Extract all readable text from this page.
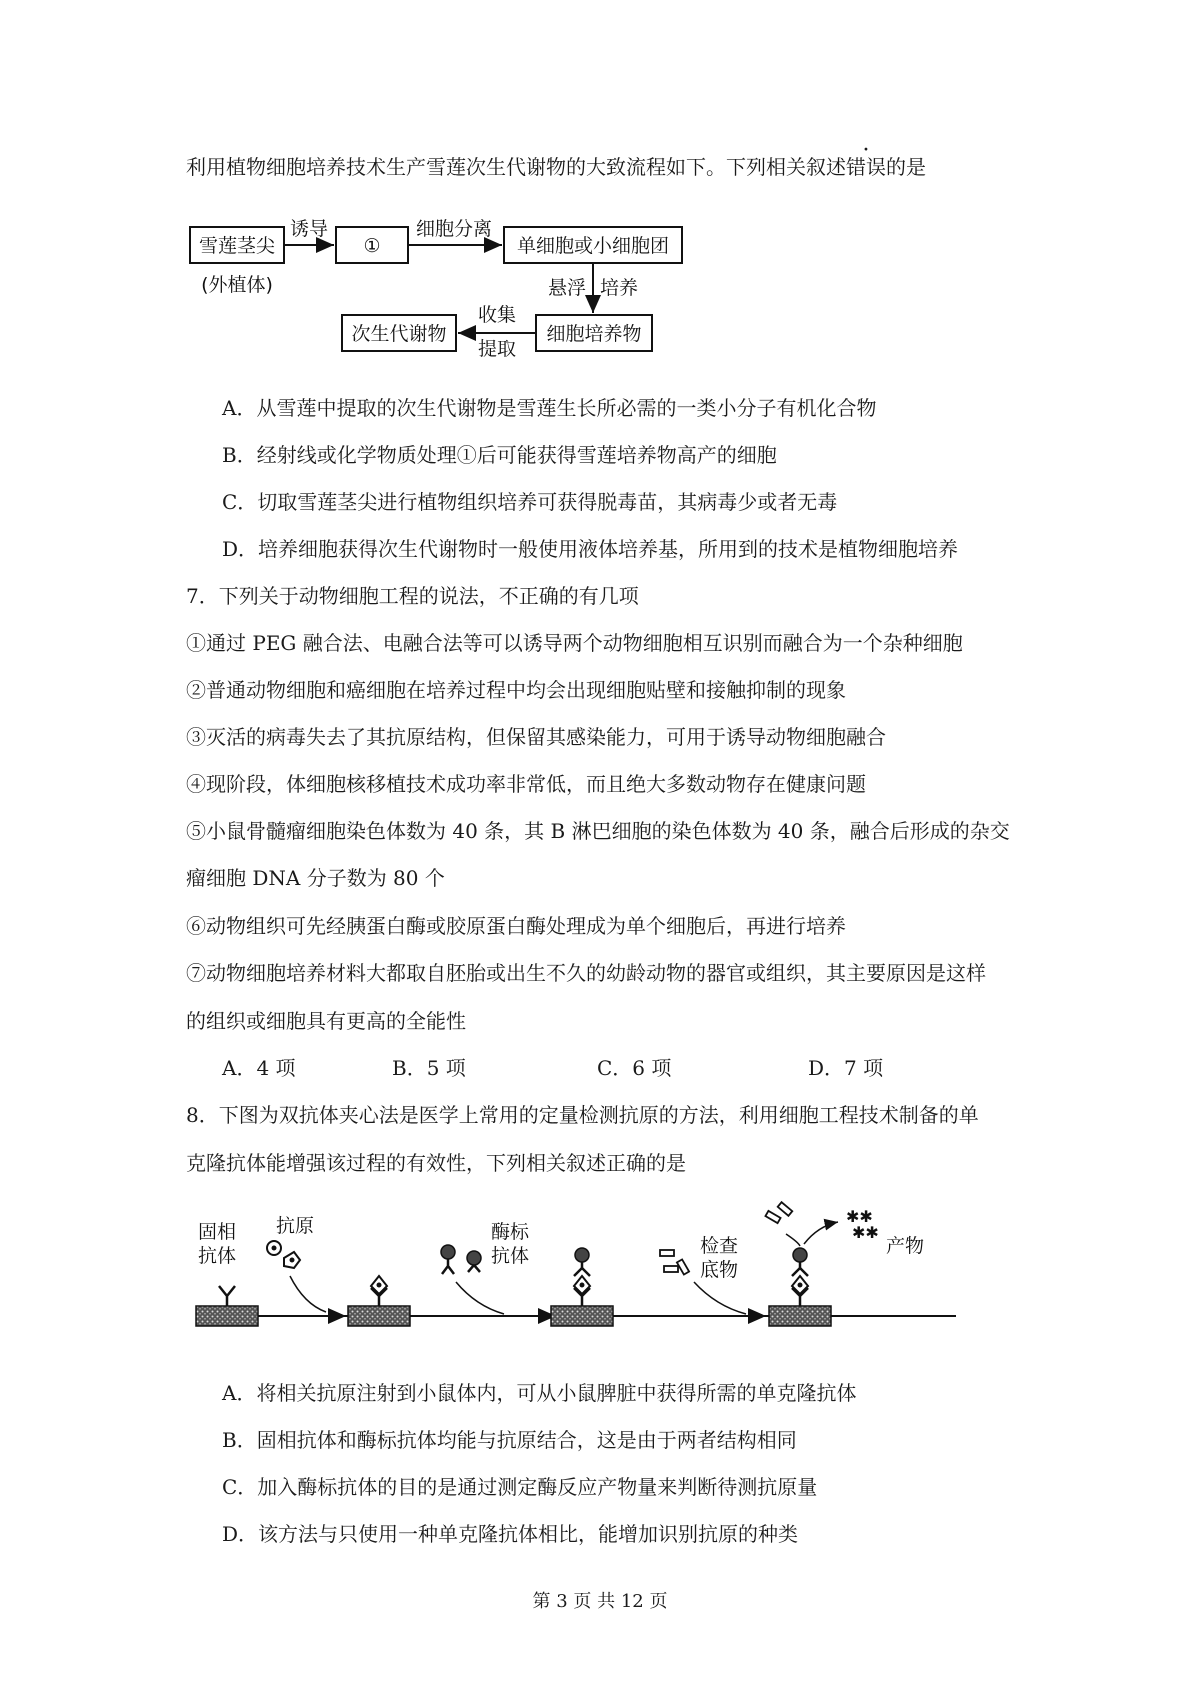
利用植物细胞培养技术生产雪莲次生代谢物的大致流程如下。下列相关叙述错误的是
雪莲茎尖
(外植体)
诱导
①
细胞分离
单细胞或小细胞团
悬浮 培养
细胞培养物
收集
提取
次生代谢物
A．从雪莲中提取的次生代谢物是雪莲生长所必需的一类小分子有机化合物
B．经射线或化学物质处理①后可能获得雪莲培养物高产的细胞
C．切取雪莲茎尖进行植物组织培养可获得脱毒苗，其病毒少或者无毒
D．培养细胞获得次生代谢物时一般使用液体培养基，所用到的技术是植物细胞培养
7．下列关于动物细胞工程的说法，不正确的有几项
①通过 PEG 融合法、电融合法等可以诱导两个动物细胞相互识别而融合为一个杂种细胞
②普通动物细胞和癌细胞在培养过程中均会出现细胞贴壁和接触抑制的现象
③灭活的病毒失去了其抗原结构，但保留其感染能力，可用于诱导动物细胞融合
④现阶段，体细胞核移植技术成功率非常低，而且绝大多数动物存在健康问题
⑤小鼠骨髓瘤细胞染色体数为 40 条，其 B 淋巴细胞的染色体数为 40 条，融合后形成的杂交
瘤细胞 DNA 分子数为 80 个
⑥动物组织可先经胰蛋白酶或胶原蛋白酶处理成为单个细胞后，再进行培养
⑦动物细胞培养材料大都取自胚胎或出生不久的幼龄动物的器官或组织，其主要原因是这样
的组织或细胞具有更高的全能性
A．4 项	B．5 项	C．6 项	D．7 项
8．下图为双抗体夹心法是医学上常用的定量检测抗原的方法，利用细胞工程技术制备的单
克隆抗体能增强该过程的有效性，下列相关叙述正确的是
固相
抗体
抗原	酶标
抗体	检查
底物
✱✱
✱✱
产物
A．将相关抗原注射到小鼠体内，可从小鼠脾脏中获得所需的单克隆抗体
B．固相抗体和酶标抗体均能与抗原结合，这是由于两者结构相同
C．加入酶标抗体的目的是通过测定酶反应产物量来判断待测抗原量
D．该方法与只使用一种单克隆抗体相比，能增加识别抗原的种类
第 3 页 共 12 页
